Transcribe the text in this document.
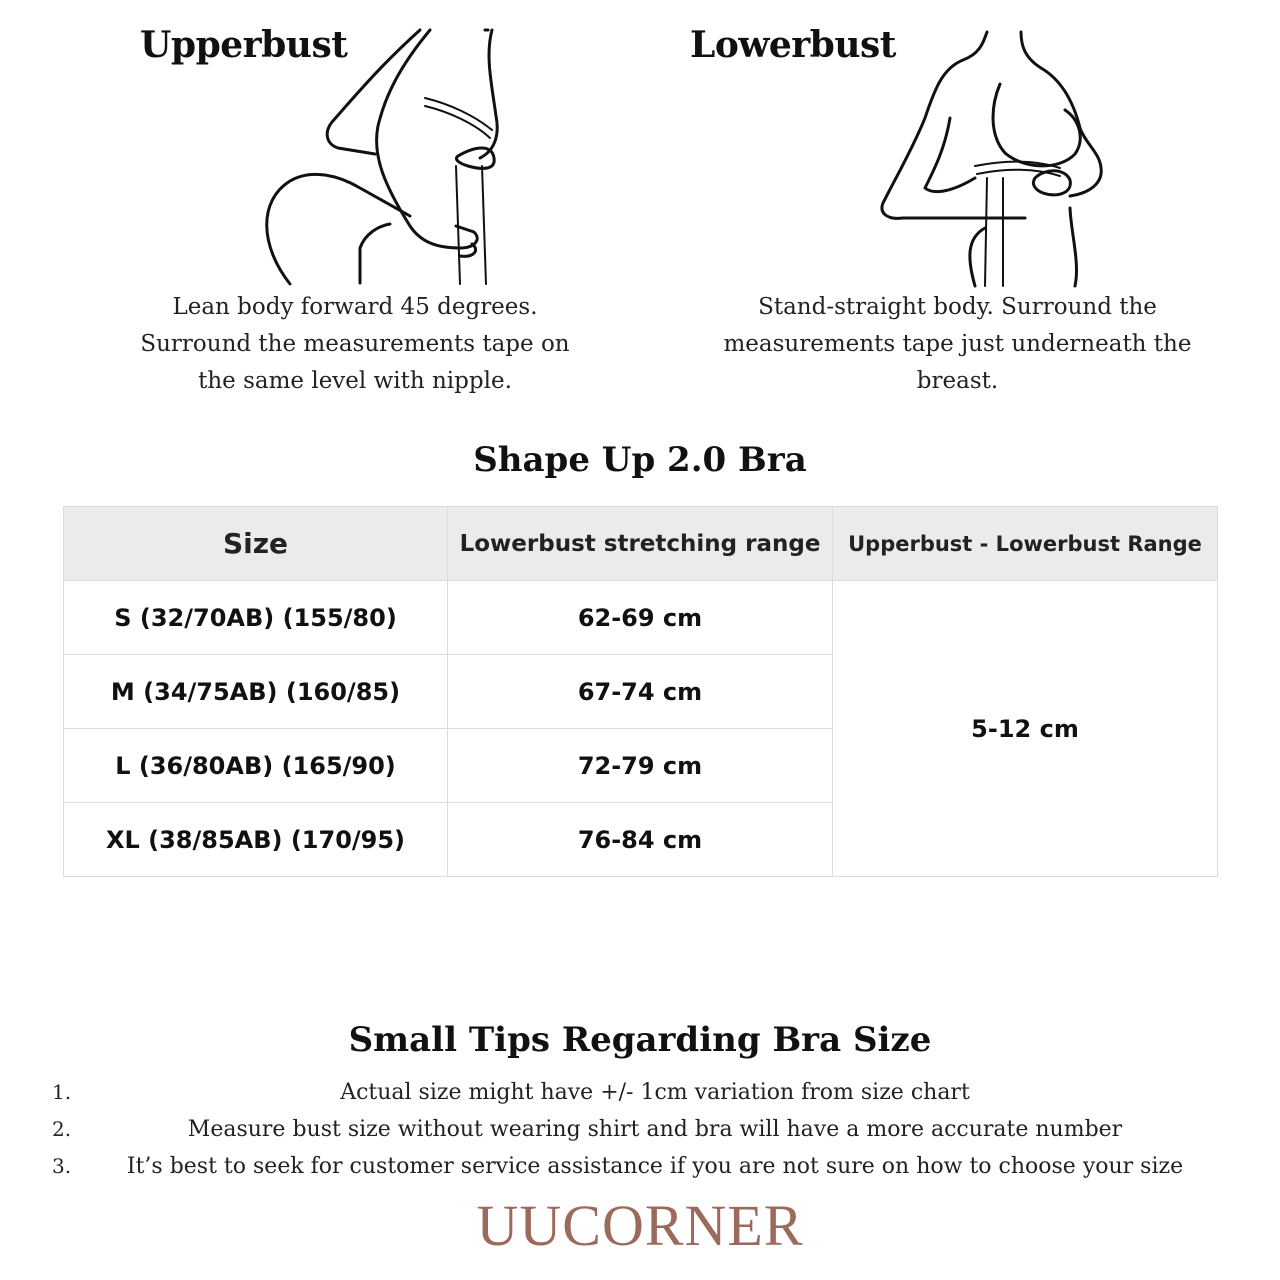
Upperbust
Lean body forward 45 degrees.
Surround the measurements tape on
the same level with nipple.
Lowerbust
Stand-straight body. Surround the
measurements tape just underneath the
breast.
Shape Up 2.0 Bra
Size	Lowerbust stretching range	Upperbust - Lowerbust Range
S (32/70AB) (155/80)	62-69 cm	5-12 cm
M (34/75AB) (160/85)	67-74 cm	
L (36/80AB) (165/90)	72-79 cm	
XL (38/85AB) (170/95)	76-84 cm	
Small Tips Regarding Bra Size
1.	Actual size might have +/- 1cm variation from size chart
2.	Measure bust size without wearing shirt and bra will have a more accurate number
3.	It’s best to seek for customer service assistance if you are not sure on how to choose your size
UUCORNER
